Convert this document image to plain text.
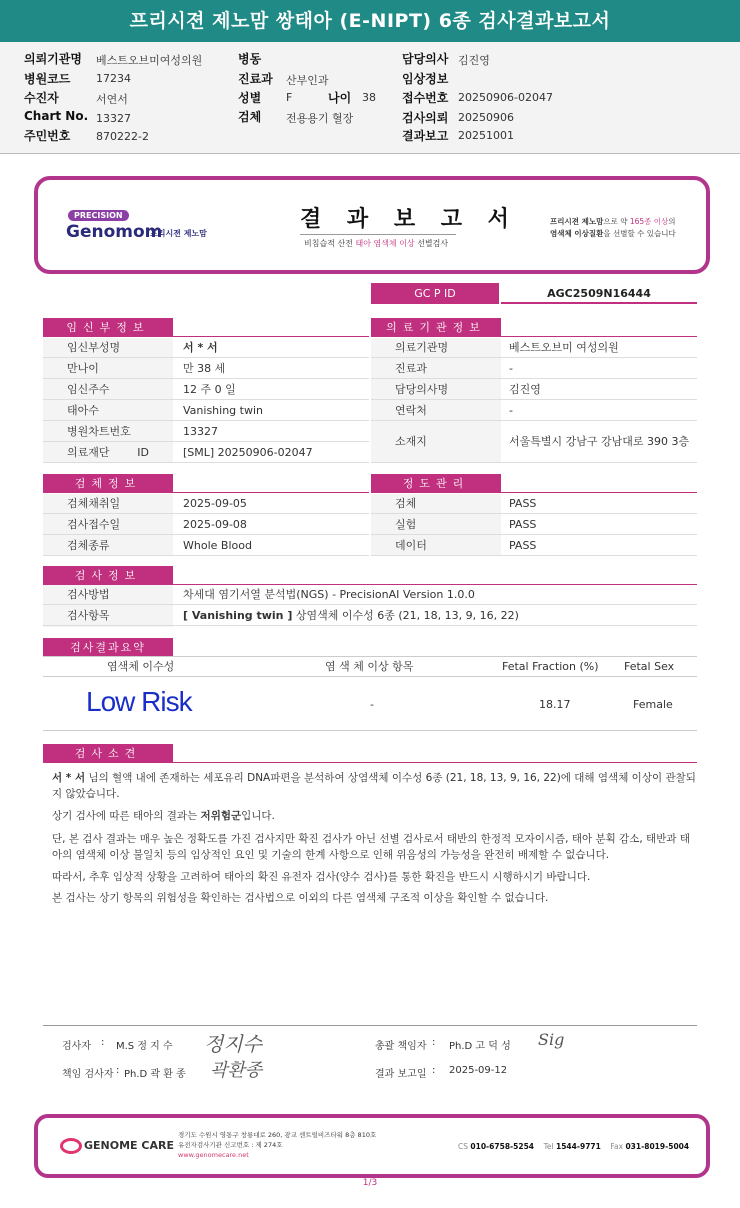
프리시젼 제노맘 쌍태아 (E-NIPT) 6종 검사결과보고서
의뢰기관명 베스트오브미여성의원
병원코드 17234
수진자	서연서
Chart No. 13327
주민번호 870222-2
병동
진료과 산부인과
성별 F	나이 38
검체 전용용기 혈장
담당의사 김진영
임상정보
접수번호 20250906-02047
검사의뢰 20250906
결과보고 20251001
PRECISION
Genomom
프리시젼 제노맘
결 과 보 고 서
비침습적 산전 태아 염색체 이상 선별검사
프리시젼 제노맘으로 약 165종 이상의
염색체 이상질환을 선별할 수 있습니다
GC P ID	AGC2509N16444
임신부정보
임신부성명	서 * 서
만나이	만 38 세
임신주수	12 주 0 일
태아수	Vanishing twin
병원차트번호	13327
의료재단 ID	[SML] 20250906-02047
의료기관정보
의료기관명	베스트오브미 여성의원
진료과	-
담당의사명	김진영
연락처	-
소재지	서울특별시 강남구 강남대로 390 3층
검체정보
검체채취일	2025-09-05
검사접수일	2025-09-08
검체종류	Whole Blood
정도관리
검체	PASS
실험	PASS
데이터	PASS
검사정보
검사방법	차세대 염기서열 분석법(NGS) - PrecisionAI Version 1.0.0
검사항목	[ Vanishing twin ] 상염색체 이수성 6종 (21, 18, 13, 9, 16, 22)
검사결과요약
염색체 이수성	염 색 체 이상 항목	Fetal Fraction (%) Fetal Sex
Low Risk	-	18.17	Female
검사소견
서 * 서 님의 혈액 내에 존재하는 세포유리 DNA파편을 분석하여 상염색체 이수성 6종 (21, 18, 13, 9, 16, 22)에 대해 염색체 이상이 관찰되지 않았습니다.
상기 검사에 따른 태아의 결과는 저위험군입니다.
단, 본 검사 결과는 매우 높은 정확도를 가진 검사지만 확진 검사가 아닌 선별 검사로서 태반의 한정적 모자이시즘, 태아 분획 감소, 태반과 태아의 염색체 이상 불일치 등의 임상적인 요인 및 기술의 한계 사항으로 인해 위음성의 가능성을 완전히 배제할 수 없습니다.
따라서, 추후 임상적 상황을 고려하여 태아의 확진 유전자 검사(양수 검사)를 통한 확진을 반드시 시행하시기 바랍니다.
본 검사는 상기 항목의 위험성을 확인하는 검사법으로 이외의 다른 염색체 구조적 이상을 확인할 수 없습니다.
검사자 : M.S 정 지 수 정지수
책임 검사자 : Ph.D 곽 환 종 곽환종
총괄 책임자 : Ph.D 고 덕 성 Sig
결과 보고일 : 2025-09-12
GENOME CARE
경기도 수원시 영통구 창룡대로 260, 광교 센트럴비즈타워 8층 810호
유전자검사기관 신고번호 : 제 274호
www.genomecare.net
CS 010-6758-5254 Tel 1544-9771 Fax 031-8019-5004
1/3
